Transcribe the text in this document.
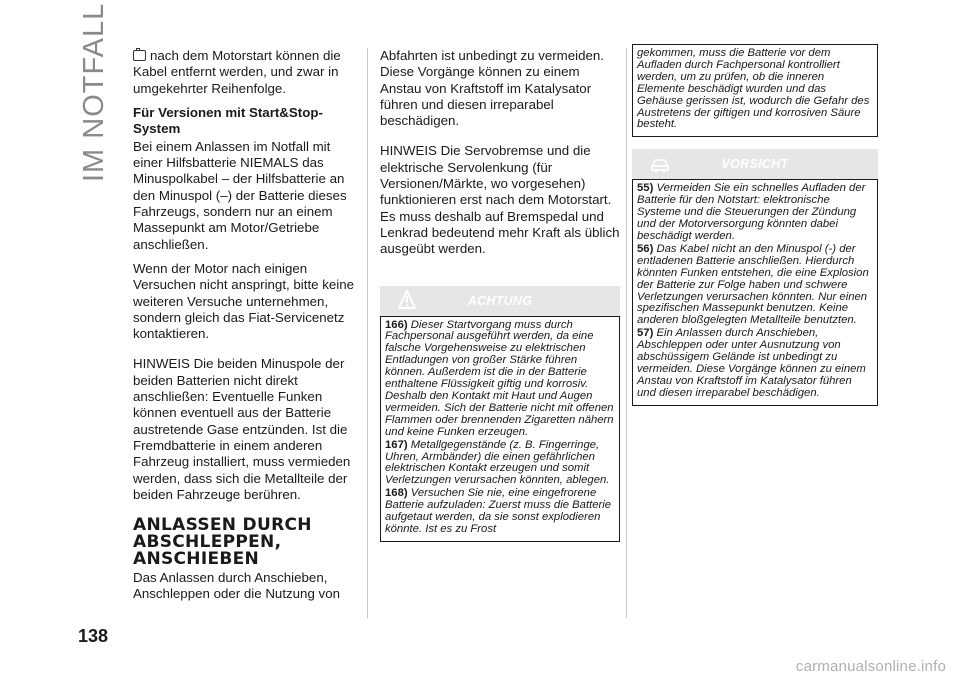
IM NOTFALL
138

nach dem Motorstart können die Kabel entfernt werden, und zwar in umgekehrter Reihenfolge.

Für Versionen mit Start&Stop-System

Bei einem Anlassen im Notfall mit einer Hilfsbatterie NIEMALS das Minuspolkabel – der Hilfsbatterie an den Minuspol (–) der Batterie dieses Fahrzeugs, sondern nur an einem Massepunkt am Motor/Getriebe anschließen.

Wenn der Motor nach einigen Versuchen nicht anspringt, bitte keine weiteren Versuche unternehmen, sondern gleich das Fiat-Servicenetz kontaktieren.

HINWEIS Die beiden Minuspole der beiden Batterien nicht direkt anschließen: Eventuelle Funken können eventuell aus der Batterie austretende Gase entzünden. Ist die Fremdbatterie in einem anderen Fahrzeug installiert, muss vermieden werden, dass sich die Metallteile der beiden Fahrzeuge berühren.

ANLASSEN DURCH ABSCHLEPPEN, ANSCHIEBEN

Das Anlassen durch Anschieben, Anschleppen oder die Nutzung von

Abfahrten ist unbedingt zu vermeiden. Diese Vorgänge können zu einem Anstau von Kraftstoff im Katalysator führen und diesen irreparabel beschädigen.

HINWEIS Die Servobremse und die elektrische Servolenkung (für Versionen/Märkte, wo vorgesehen) funktionieren erst nach dem Motorstart. Es muss deshalb auf Bremspedal und Lenkrad bedeutend mehr Kraft als üblich ausgeübt werden.

ACHTUNG

166) Dieser Startvorgang muss durch Fachpersonal ausgeführt werden, da eine falsche Vorgehensweise zu elektrischen Entladungen von großer Stärke führen können. Außerdem ist die in der Batterie enthaltene Flüssigkeit giftig und korrosiv. Deshalb den Kontakt mit Haut und Augen vermeiden. Sich der Batterie nicht mit offenen Flammen oder brennenden Zigaretten nähern und keine Funken erzeugen.

167) Metallgegenstände (z. B. Fingerringe, Uhren, Armbänder) die einen gefährlichen elektrischen Kontakt erzeugen und somit Verletzungen verursachen könnten, ablegen.

168) Versuchen Sie nie, eine eingefrorene Batterie aufzuladen: Zuerst muss die Batterie aufgetaut werden, da sie sonst explodieren könnte. Ist es zu Frost

gekommen, muss die Batterie vor dem Aufladen durch Fachpersonal kontrolliert werden, um zu prüfen, ob die inneren Elemente beschädigt wurden und das Gehäuse gerissen ist, wodurch die Gefahr des Austretens der giftigen und korrosiven Säure besteht.

VORSICHT

55) Vermeiden Sie ein schnelles Aufladen der Batterie für den Notstart: elektronische Systeme und die Steuerungen der Zündung und der Motorversorgung könnten dabei beschädigt werden.

56) Das Kabel nicht an den Minuspol (-) der entladenen Batterie anschließen. Hierdurch könnten Funken entstehen, die eine Explosion der Batterie zur Folge haben und schwere Verletzungen verursachen könnten. Nur einen spezifischen Massepunkt benutzen. Keine anderen bloßgelegten Metallteile benutzten.

57) Ein Anlassen durch Anschieben, Abschleppen oder unter Ausnutzung von abschüssigem Gelände ist unbedingt zu vermeiden. Diese Vorgänge können zu einem Anstau von Kraftstoff im Katalysator führen und diesen irreparabel beschädigen.

carmanualsonline.info
